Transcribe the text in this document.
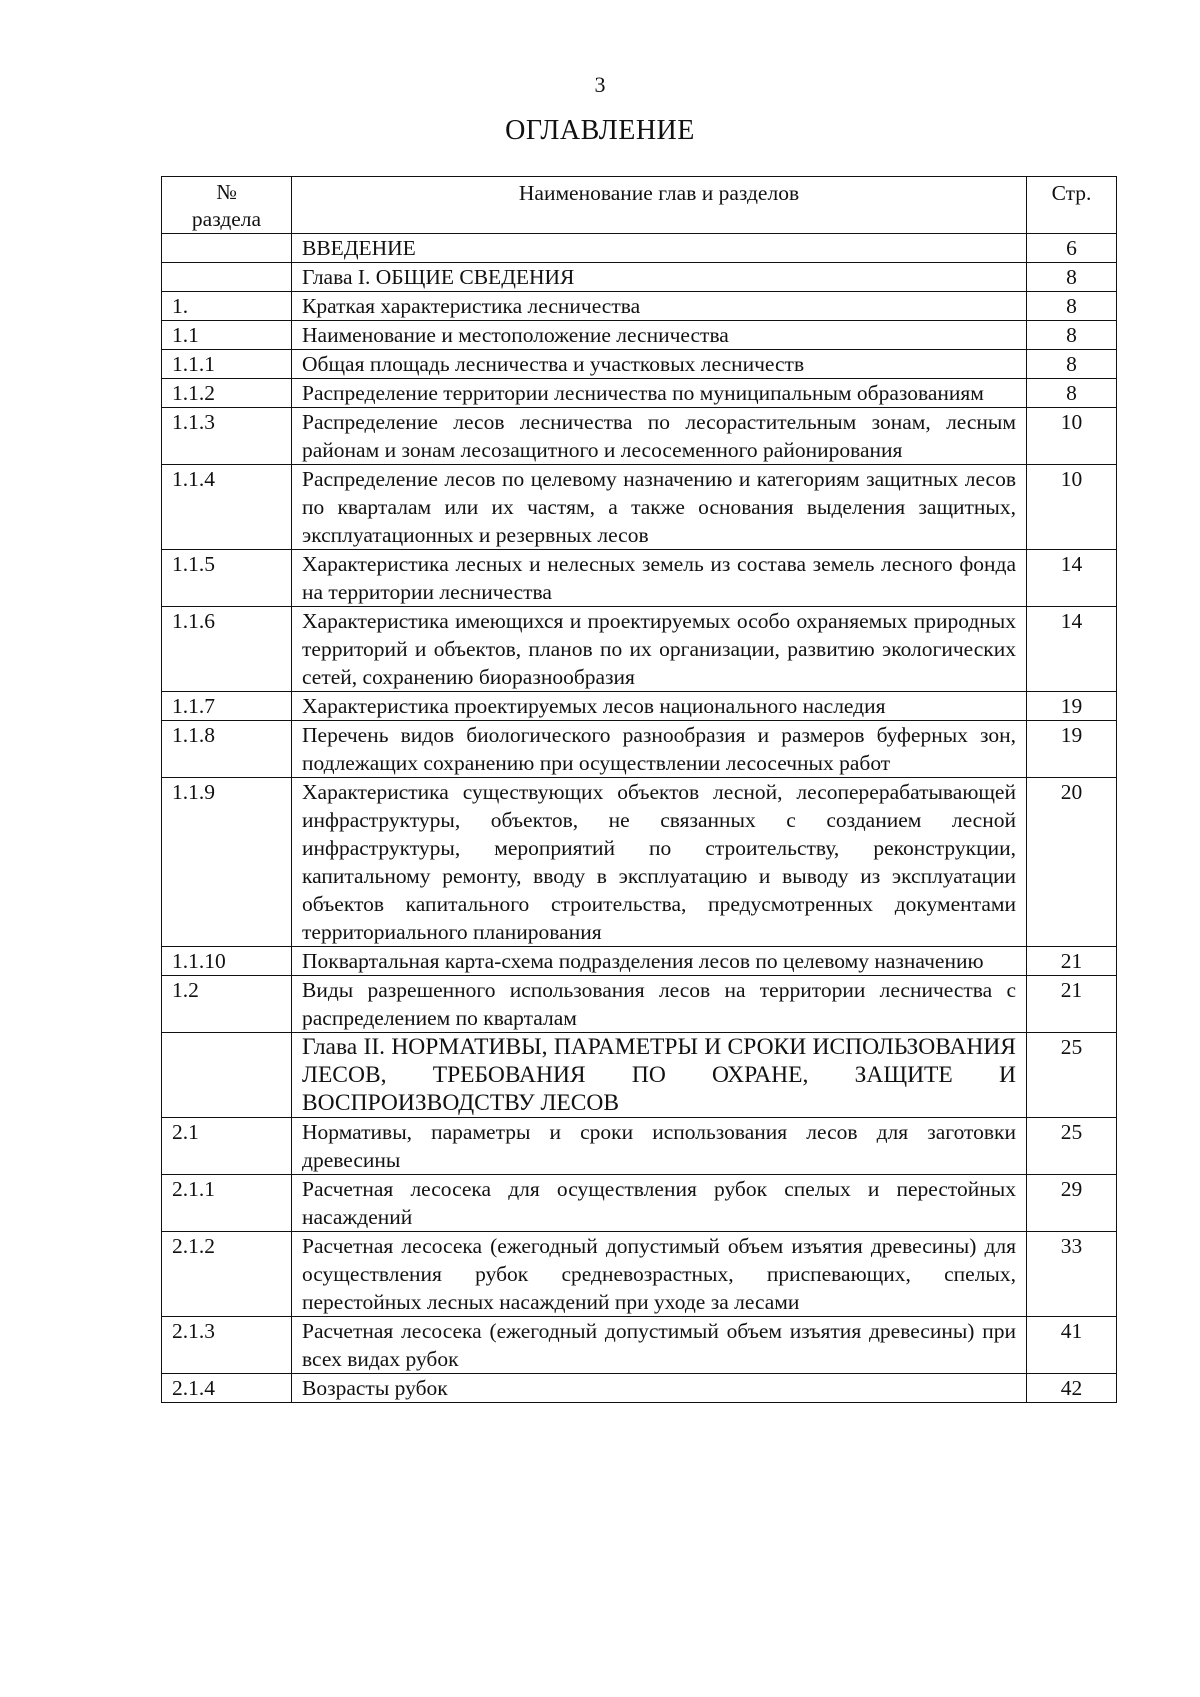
3
ОГЛАВЛЕНИЕ
№
раздела	Наименование глав и разделов	Стр.
	ВВЕДЕНИЕ	6
	Глава I. ОБЩИЕ СВЕДЕНИЯ	8
1.	Краткая характеристика лесничества	8
1.1	Наименование и местоположение лесничества	8
1.1.1	Общая площадь лесничества и участковых лесничеств	8
1.1.2	Распределение территории лесничества по муниципальным образованиям	8
1.1.3	Распределение лесов лесничества по лесорастительным зонам, лесным районам и зонам лесозащитного и лесосеменного районирования	10
1.1.4	Распределение лесов по целевому назначению и категориям защитных лесов по кварталам или их частям, а также основания выделения защитных, эксплуатационных и резервных лесов	10
1.1.5	Характеристика лесных и нелесных земель из состава земель лесного фонда на территории лесничества	14
1.1.6	Характеристика имеющихся и проектируемых особо охраняемых природных территорий и объектов, планов по их организации, развитию экологических сетей, сохранению биоразнообразия	14
1.1.7	Характеристика проектируемых лесов национального наследия	19
1.1.8	Перечень видов биологического разнообразия и размеров буферных зон, подлежащих сохранению при осуществлении лесосечных работ	19
1.1.9	Характеристика существующих объектов лесной, лесоперерабатывающей инфраструктуры, объектов, не связанных с созданием лесной инфраструктуры, мероприятий по строительству, реконструкции, капитальному ремонту, вводу в эксплуатацию и выводу из эксплуатации объектов капитального строительства, предусмотренных документами территориального планирования	20
1.1.10	Поквартальная карта-схема подразделения лесов по целевому назначению	21
1.2	Виды разрешенного использования лесов на территории лесничества с распределением по кварталам	21
	Глава II. НОРМАТИВЫ, ПАРАМЕТРЫ И СРОКИ ИСПОЛЬЗОВАНИЯ ЛЕСОВ, ТРЕБОВАНИЯ ПО ОХРАНЕ, ЗАЩИТЕ И ВОСПРОИЗВОДСТВУ ЛЕСОВ	25
2.1	Нормативы, параметры и сроки использования лесов для заготовки древесины	25
2.1.1	Расчетная лесосека для осуществления рубок спелых и перестойных насаждений	29
2.1.2	Расчетная лесосека (ежегодный допустимый объем изъятия древесины) для осуществления рубок средневозрастных, приспевающих, спелых, перестойных лесных насаждений при уходе за лесами	33
2.1.3	Расчетная лесосека (ежегодный допустимый объем изъятия древесины) при всех видах рубок	41
2.1.4	Возрасты рубок	42
